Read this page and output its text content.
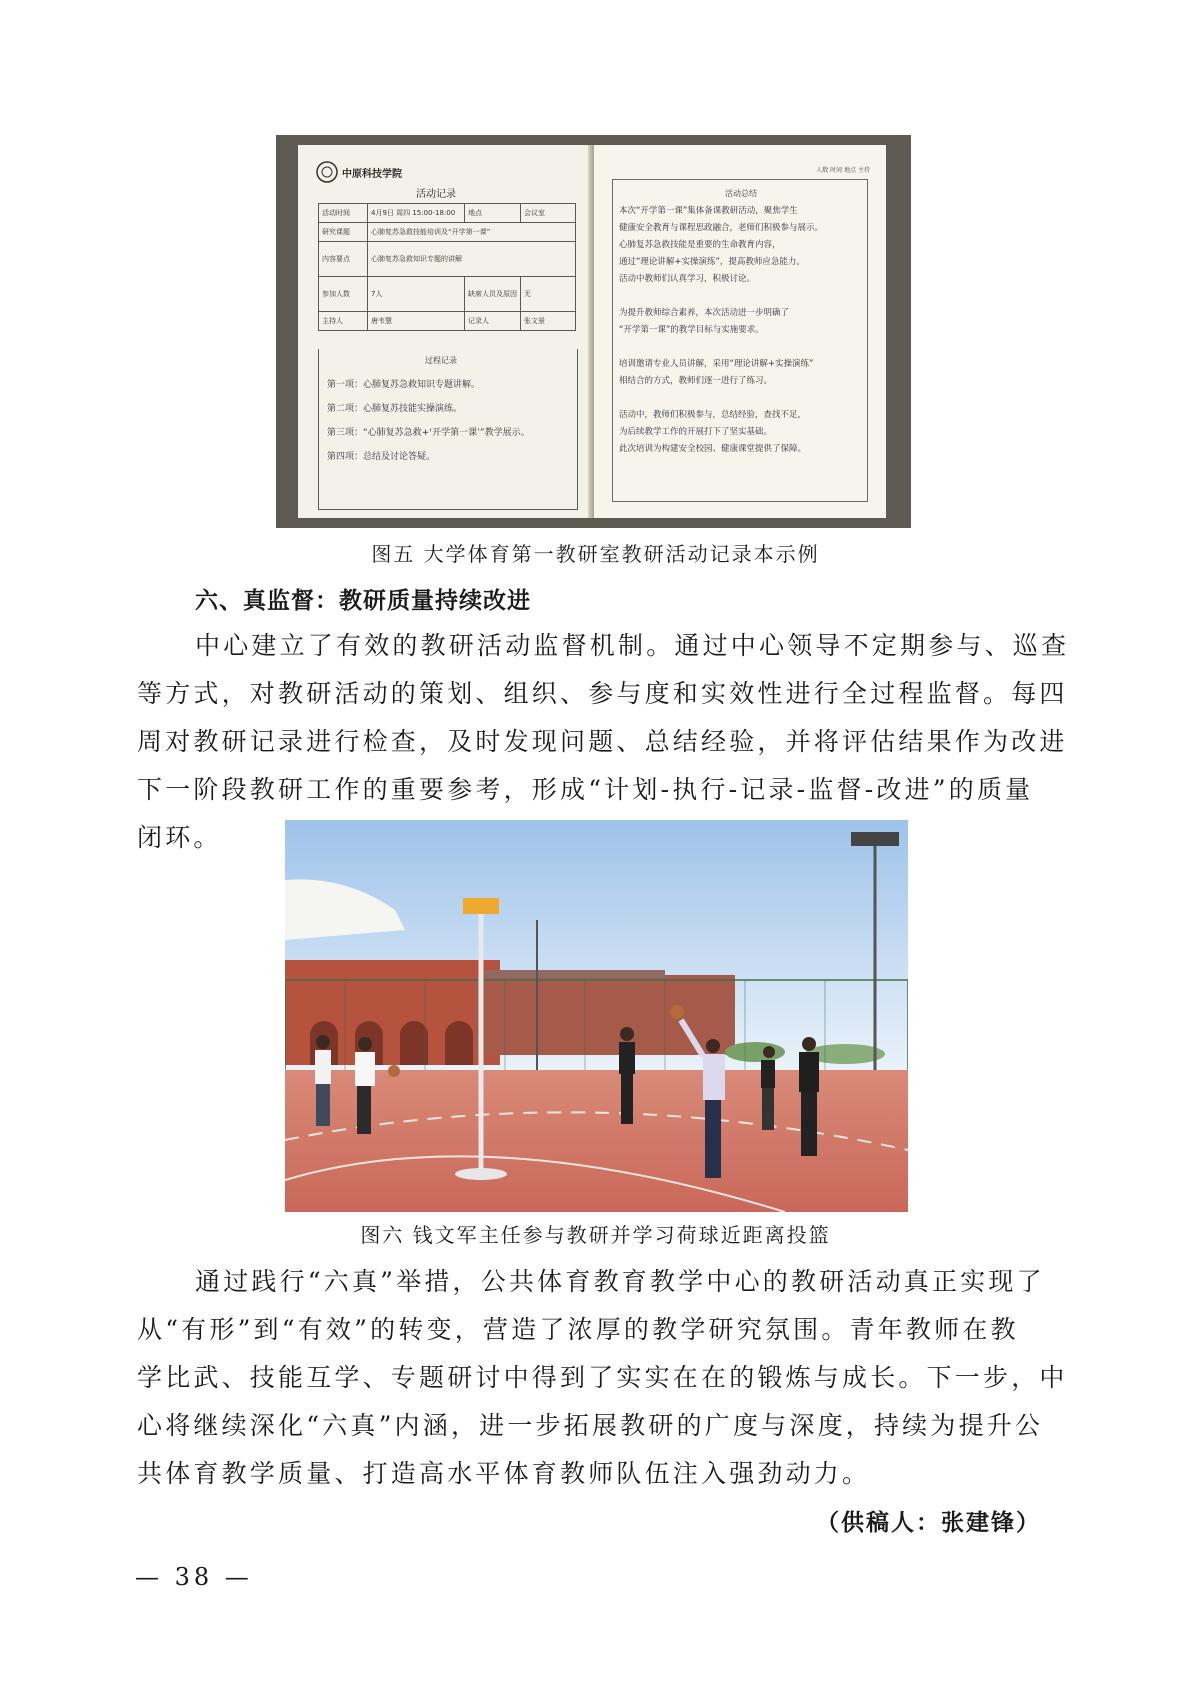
中原科技学院
活动记录
活动时间	4月9日 周四 15:00-18:00	地点	会议室
研究课题	心肺复苏急救技能培训及“开学第一课”		
内容要点	心肺复苏急救知识专题的讲解		
参加人数	7人	缺席人员及原因	无
主持人	唐韦慧	记录人	张文景
过程记录
第一项：心肺复苏急救知识专题讲解。
第二项：心肺复苏技能实操演练。
第三项：“心肺复苏急救+‘开学第一课’”教学展示。
第四项：总结及讨论答疑。
人数 时间 地点 主持
活动总结
本次“开学第一课”集体备课教研活动，聚焦学生
健康安全教育与课程思政融合，老师们积极参与展示。
心肺复苏急救技能是重要的生命教育内容，
通过“理论讲解+实操演练”，提高教师应急能力。
活动中教师们认真学习，积极讨论。
为提升教师综合素养，本次活动进一步明确了
“开学第一课”的教学目标与实施要求。
培训邀请专业人员讲解，采用“理论讲解+实操演练”
相结合的方式，教师们逐一进行了练习。
活动中，教师们积极参与，总结经验，查找不足，
为后续教学工作的开展打下了坚实基础。
此次培训为构建安全校园、健康课堂提供了保障。
图五 大学体育第一教研室教研活动记录本示例
六、真监督：教研质量持续改进
中心建立了有效的教研活动监督机制。通过中心领导不定期参与、巡查
等方式，对教研活动的策划、组织、参与度和实效性进行全过程监督。每四
周对教研记录进行检查，及时发现问题、总结经验，并将评估结果作为改进
下一阶段教研工作的重要参考，形成“计划-执行-记录-监督-改进”的质量
闭环。
图六 钱文军主任参与教研并学习荷球近距离投篮
通过践行“六真”举措，公共体育教育教学中心的教研活动真正实现了
从“有形”到“有效”的转变，营造了浓厚的教学研究氛围。青年教师在教
学比武、技能互学、专题研讨中得到了实实在在的锻炼与成长。下一步，中
心将继续深化“六真”内涵，进一步拓展教研的广度与深度，持续为提升公
共体育教学质量、打造高水平体育教师队伍注入强劲动力。
（供稿人：张建锋）
— 38 —
